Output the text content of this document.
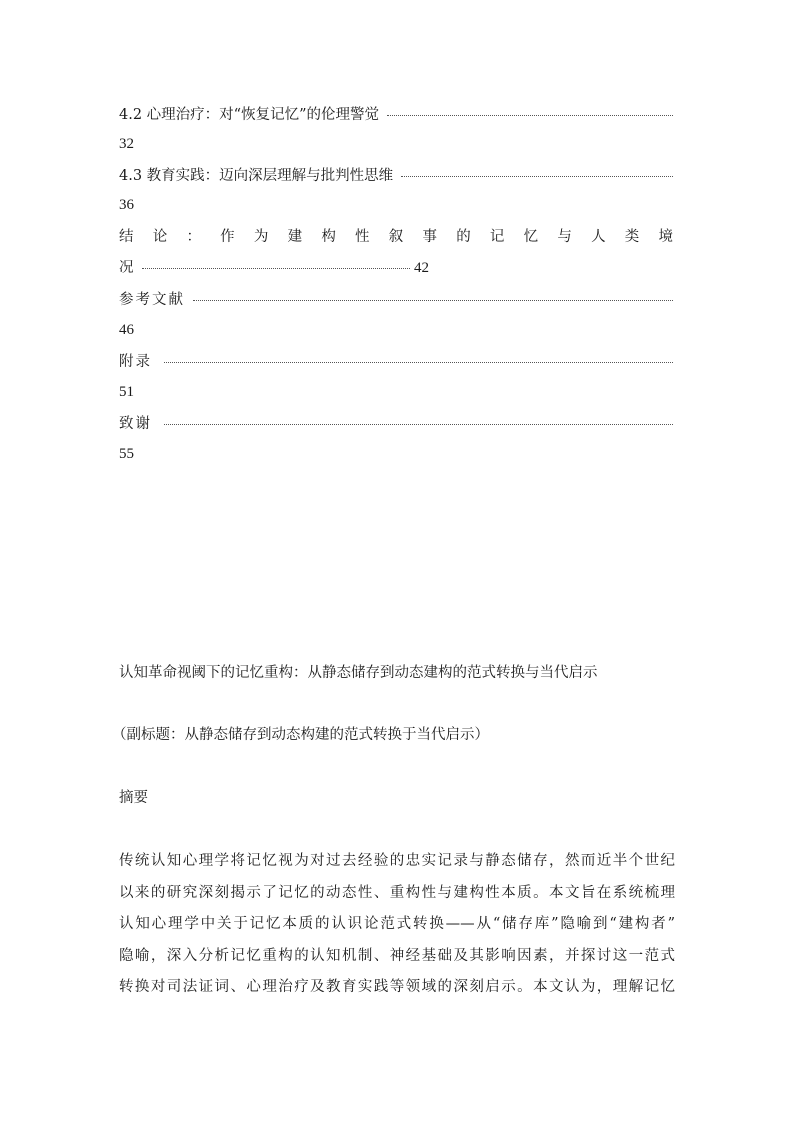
4.2 心理治疗：对“恢复记忆”的伦理警觉
32
4.3 教育实践：迈向深层理解与批判性思维
36
结 论 ： 作 为 建 构 性 叙 事 的 记 忆 与 人 类 境
况	42
参考文献
46
附录
51
致谢
55
认知革命视阈下的记忆重构：从静态储存到动态建构的范式转换与当代启示
（副标题：从静态储存到动态构建的范式转换于当代启示）
摘要
传统认知心理学将记忆视为对过去经验的忠实记录与静态储存，然而近半个世纪
以来的研究深刻揭示了记忆的动态性、重构性与建构性本质。本文旨在系统梳理
认知心理学中关于记忆本质的认识论范式转换——从“储存库”隐喻到“建构者”
隐喻，深入分析记忆重构的认知机制、神经基础及其影响因素，并探讨这一范式
转换对司法证词、心理治疗及教育实践等领域的深刻启示。本文认为，理解记忆
